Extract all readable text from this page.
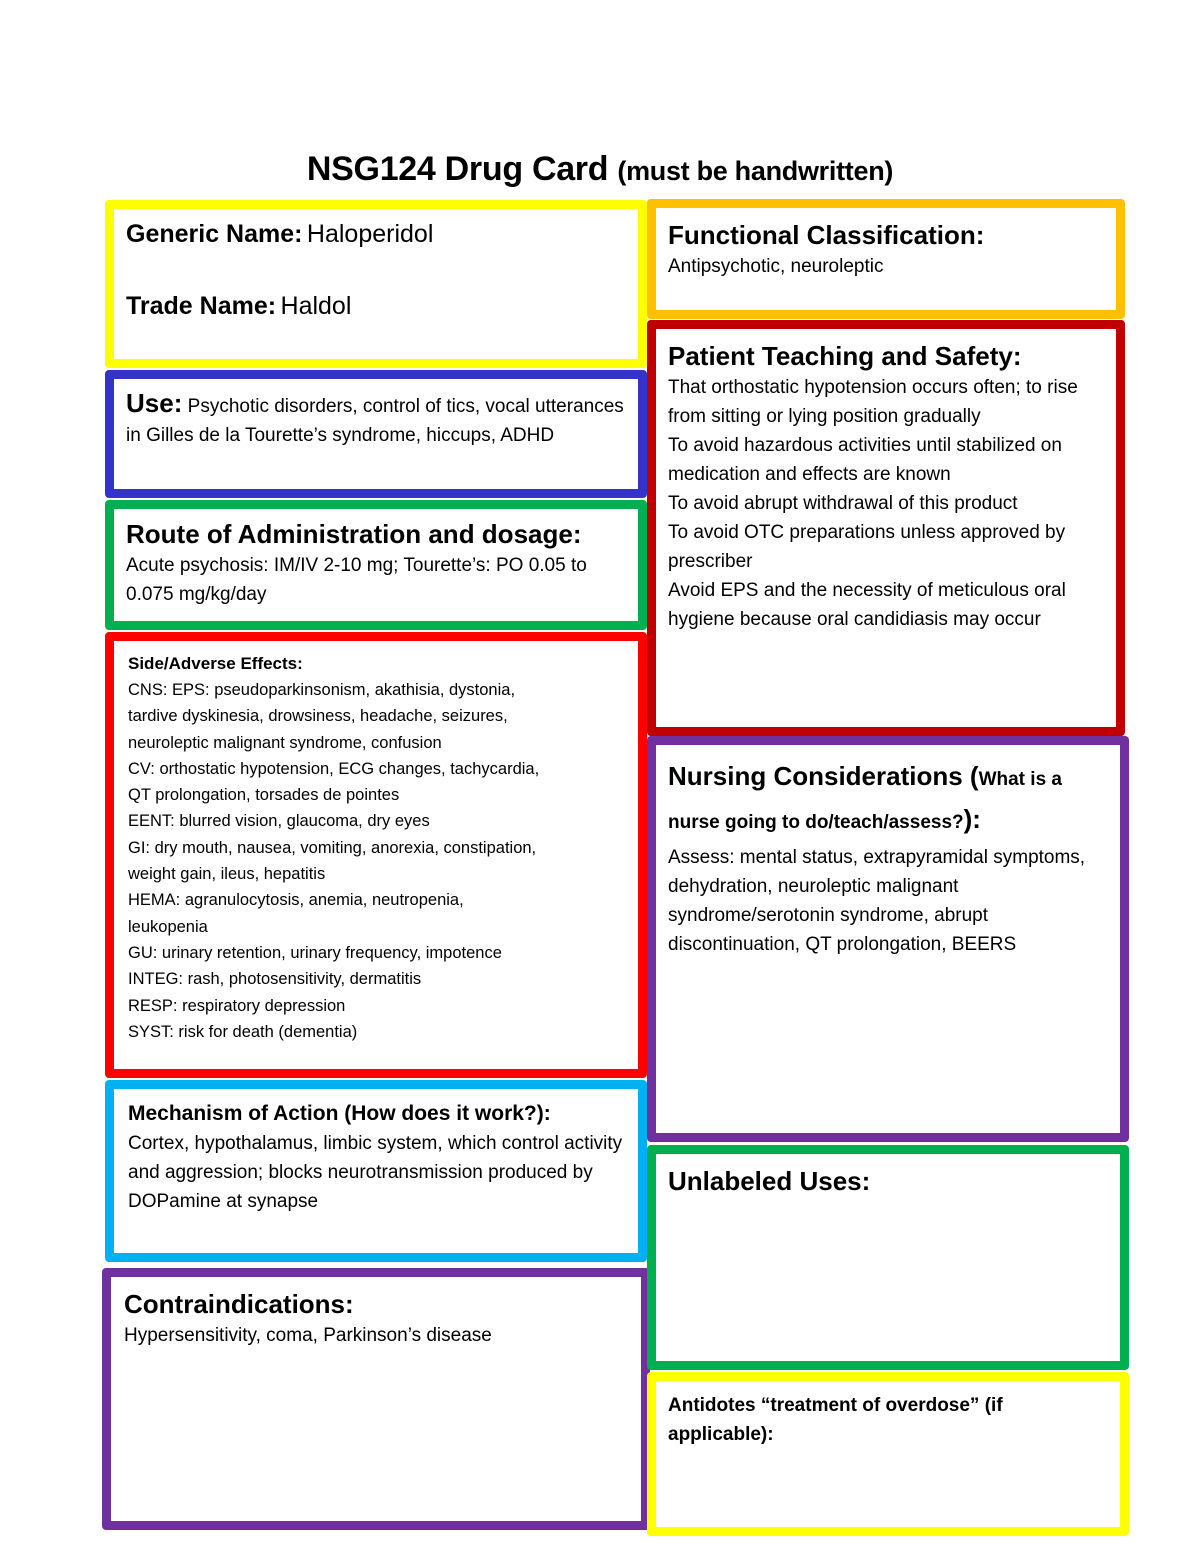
NSG124 Drug Card (must be handwritten)
Generic Name: Haloperidol
Trade Name: Haldol
Use: Psychotic disorders, control of tics, vocal utterances in Gilles de la Tourette’s syndrome, hiccups, ADHD
Route of Administration and dosage:
Acute psychosis: IM/IV 2-10 mg; Tourette’s: PO 0.05 to 0.075 mg/kg/day
Side/Adverse Effects:
CNS: EPS: pseudoparkinsonism, akathisia, dystonia,
tardive dyskinesia, drowsiness, headache, seizures,
neuroleptic malignant syndrome, confusion
CV: orthostatic hypotension, ECG changes, tachycardia,
QT prolongation, torsades de pointes
EENT: blurred vision, glaucoma, dry eyes
GI: dry mouth, nausea, vomiting, anorexia, constipation,
weight gain, ileus, hepatitis
HEMA: agranulocytosis, anemia, neutropenia,
leukopenia
GU: urinary retention, urinary frequency, impotence
INTEG: rash, photosensitivity, dermatitis
RESP: respiratory depression
SYST: risk for death (dementia)
Mechanism of Action (How does it work?):
Cortex, hypothalamus, limbic system, which control activity and aggression; blocks neurotransmission produced by DOPamine at synapse
Contraindications:
Hypersensitivity, coma, Parkinson’s disease
Functional Classification:
Antipsychotic, neuroleptic
Patient Teaching and Safety:
That orthostatic hypotension occurs often; to rise from sitting or lying position gradually
To avoid hazardous activities until stabilized on medication and effects are known
To avoid abrupt withdrawal of this product
To avoid OTC preparations unless approved by prescriber
Avoid EPS and the necessity of meticulous oral hygiene because oral candidiasis may occur
Nursing Considerations (What is a nurse going to do/teach/assess?):
Assess: mental status, extrapyramidal symptoms, dehydration, neuroleptic malignant syndrome/serotonin syndrome, abrupt discontinuation, QT prolongation, BEERS
Unlabeled Uses:
Antidotes “treatment of overdose” (if applicable):
